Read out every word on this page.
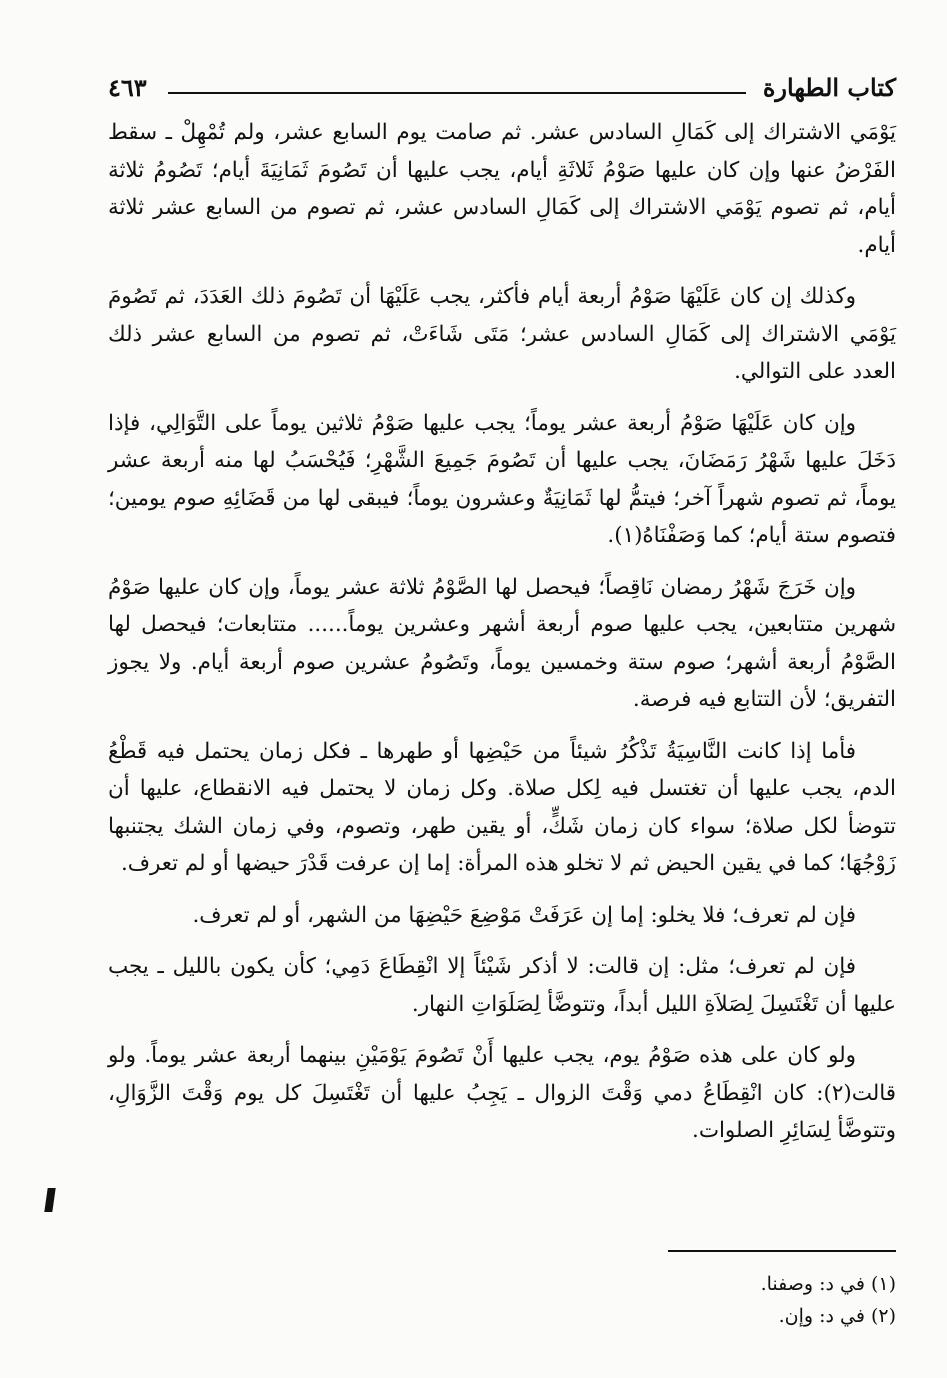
كتاب الطهارة
٤٦٣

يَوْمَي الاشتراك إلى كَمَالِ السادس عشر. ثم صامت يوم السابع عشر، ولم تُمْهِلْ ـ سقط الفَرْضُ عنها وإن كان عليها صَوْمُ ثَلاثَةِ أيام، يجب عليها أن تَصُومَ ثَمَانِيَةَ أيام؛ تَصُومُ ثلاثة أيام، ثم تصوم يَوْمَي الاشتراك إلى كَمَالِ السادس عشر، ثم تصوم من السابع عشر ثلاثة أيام.

وكذلك إن كان عَلَيْهَا صَوْمُ أربعة أيام فأكثر، يجب عَلَيْهَا أن تَصُومَ ذلك العَدَدَ، ثم تَصُومَ يَوْمَي الاشتراك إلى كَمَالِ السادس عشر؛ مَتَى شَاءَتْ، ثم تصوم من السابع عشر ذلك العدد على التوالي.

وإن كان عَلَيْهَا صَوْمُ أربعة عشر يوماً؛ يجب عليها صَوْمُ ثلاثين يوماً على التَّوَالِي، فإذا دَخَلَ عليها شَهْرُ رَمَضَانَ، يجب عليها أن تَصُومَ جَمِيعَ الشَّهْرِ؛ فَيُحْسَبُ لها منه أربعة عشر يوماً، ثم تصوم شهراً آخر؛ فيتمُّ لها ثَمَانِيَةٌ وعشرون يوماً؛ فيبقى لها من قَضَائِهِ صوم يومين؛ فتصوم ستة أيام؛ كما وَصَفْنَاهُ(١).

وإن خَرَجَ شَهْرُ رمضان نَاقِصاً؛ فيحصل لها الصَّوْمُ ثلاثة عشر يوماً، وإن كان عليها صَوْمُ شهرين متتابعين، يجب عليها صوم أربعة أشهر وعشرين يوماً...... متتابعات؛ فيحصل لها الصَّوْمُ أربعة أشهر؛ صوم ستة وخمسين يوماً، وتَصُومُ عشرين صوم أربعة أيام. ولا يجوز التفريق؛ لأن التتابع فيه فرصة.

فأما إذا كانت النَّاسِيَةُ تَذْكُرُ شيئاً من حَيْضِها أو طهرها ـ فكل زمان يحتمل فيه قَطْعُ الدم، يجب عليها أن تغتسل فيه لِكل صلاة. وكل زمان لا يحتمل فيه الانقطاع، عليها أن تتوضأ لكل صلاة؛ سواء كان زمان شَكٍّ، أو يقين طهر، وتصوم، وفي زمان الشك يجتنبها زَوْجُهَا؛ كما في يقين الحيض ثم لا تخلو هذه المرأة: إما إن عرفت قَدْرَ حيضها أو لم تعرف.

فإن لم تعرف؛ فلا يخلو: إما إن عَرَفَتْ مَوْضِعَ حَيْضِهَا من الشهر، أو لم تعرف.

فإن لم تعرف؛ مثل: إن قالت: لا أذكر شَيْئاً إلا انْقِطَاعَ دَمِي؛ كأن يكون بالليل ـ يجب عليها أن تَغْتَسِلَ لِصَلاَةِ الليل أبداً، وتتوضَّأ لِصَلَوَاتِ النهار.

ولو كان على هذه صَوْمُ يوم، يجب عليها أَنْ تَصُومَ يَوْمَيْنِ بينهما أربعة عشر يوماً. ولو قالت(٢): كان انْقِطَاعُ دمي وَقْتَ الزوال ـ يَجِبُ عليها أن تَغْتَسِلَ كل يوم وَقْتَ الزَّوَالِ، وتتوضَّأ لِسَائِرِ الصلوات.

(١) في د: وصفنا.
(٢) في د: وإن.
